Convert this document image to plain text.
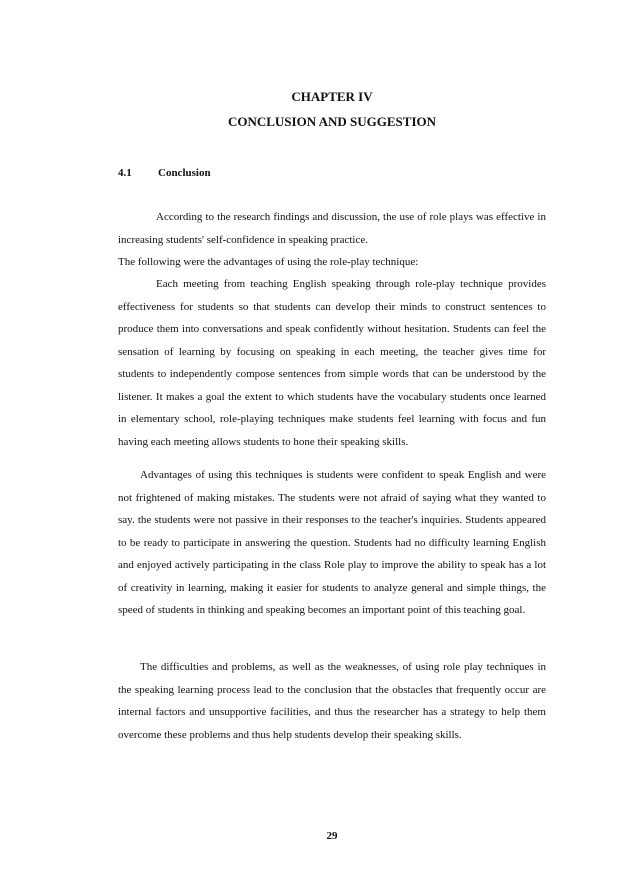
CHAPTER IV
CONCLUSION AND SUGGESTION
4.1 Conclusion

According to the research findings and discussion, the use of role plays was effective in increasing students' self-confidence in speaking practice.

The following were the advantages of using the role-play technique:

Each meeting from teaching English speaking through role-play technique provides effectiveness for students so that students can develop their minds to construct sentences to produce them into conversations and speak confidently without hesitation. Students can feel the sensation of learning by focusing on speaking in each meeting, the teacher gives time for students to independently compose sentences from simple words that can be understood by the listener. It makes a goal the extent to which students have the vocabulary students once learned in elementary school, role-playing techniques make students feel learning with focus and fun having each meeting allows students to hone their speaking skills.

Advantages of using this techniques is students were confident to speak English and were not frightened of making mistakes. The students were not afraid of saying what they wanted to say. the students were not passive in their responses to the teacher's inquiries. Students appeared to be ready to participate in answering the question. Students had no difficulty learning English and enjoyed actively participating in the class Role play to improve the ability to speak has a lot of creativity in learning, making it easier for students to analyze general and simple things, the speed of students in thinking and speaking becomes an important point of this teaching goal.

The difficulties and problems, as well as the weaknesses, of using role play techniques in the speaking learning process lead to the conclusion that the obstacles that frequently occur are internal factors and unsupportive facilities, and thus the researcher has a strategy to help them overcome these problems and thus help students develop their speaking skills.

29
